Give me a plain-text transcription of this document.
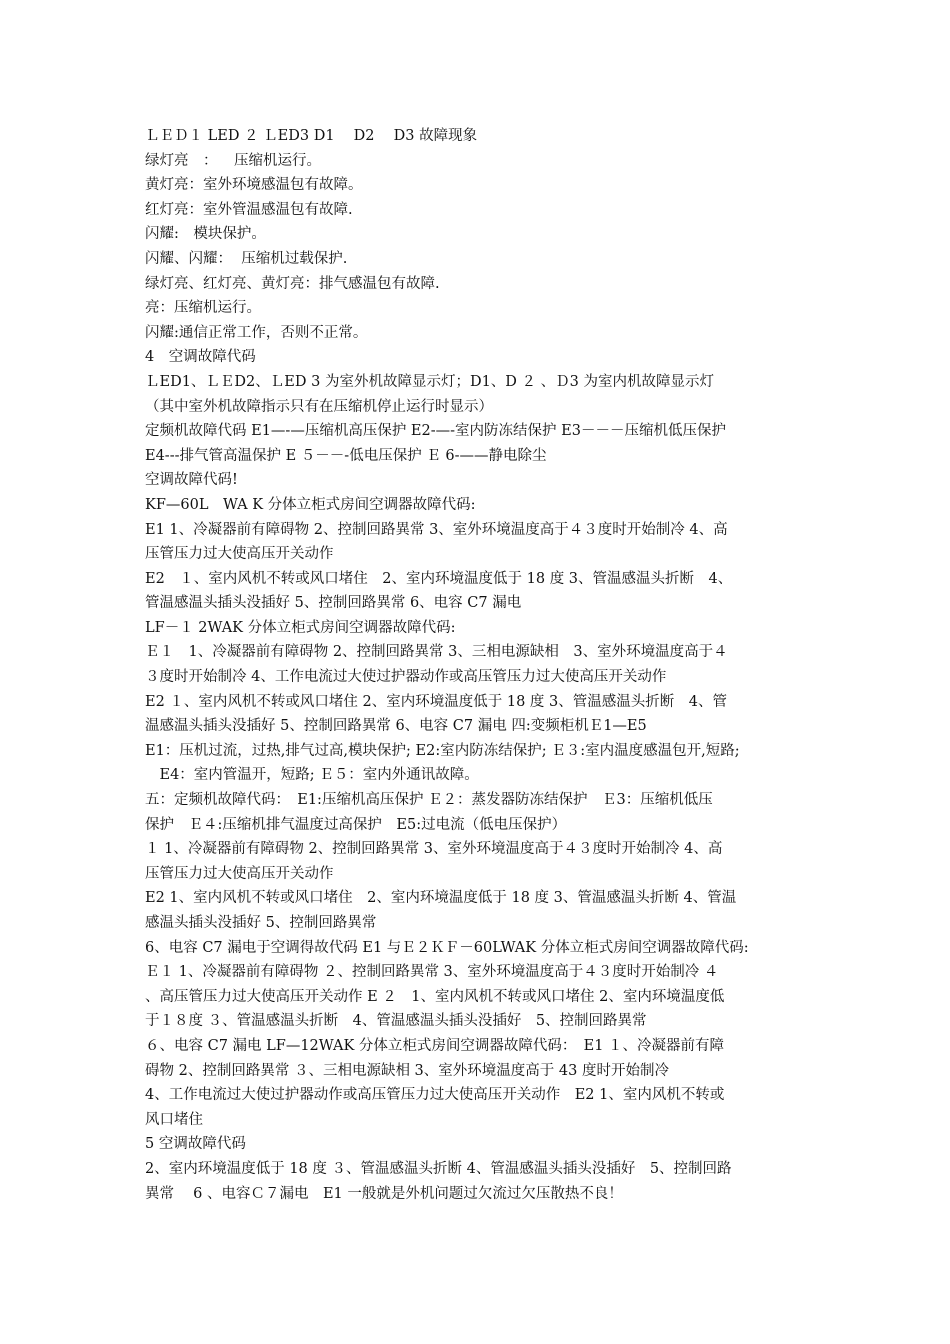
ＬＥＤ１ LED ２ ＬED3 D1　 D2　 D3 故障现象
绿灯亮　：　  压缩机运行。
黄灯亮：室外环境感温包有故障。
红灯亮：室外管温感温包有故障.
闪耀:　模块保护。
闪耀、闪耀：  压缩机过载保护.
绿灯亮、红灯亮、黄灯亮：排气感温包有故障.
亮：压缩机运行。
闪耀:通信正常工作，否则不正常。
4　空调故障代码
ＬED1、ＬＥD2、ＬED 3 为室外机故障显示灯；D1、D ２ 、Ｄ3 为室内机故障显示灯
（其中室外机故障指示只有在压缩机停止运行时显示）
定频机故障代码 E1—-—压缩机高压保护 E2-—-室内防冻结保护 E3－－－压缩机低压保护
E4---排气管高温保护 E ５－－-低电压保护 Ｅ 6-——静电除尘
空调故障代码!
KF—60L　WA K 分体立柜式房间空调器故障代码:
E1 1、冷凝器前有障碍物 2、控制回路異常 3、室外环境温度高于４３度时开始制冷 4、高
压管压力过大使高压开关动作
E2　１、室内风机不转或风口堵住　2、室内环境温度低于 18 度 3、管温感温头折断　4、
管温感温头插头没插好 5、控制回路異常 6、电容 C7 漏电
LF－１ 2WAK 分体立柜式房间空调器故障代码:
Ｅ１　1、冷凝器前有障碍物 2、控制回路異常 3、三相电源缺相　3、室外环境温度高于４
３度时开始制冷 4、工作电流过大使过护器动作或高压管压力过大使高压开关动作
E2 １、室内风机不转或风口堵住 2、室内环境温度低于 18 度 3、管温感温头折断　4、管
温感温头插头没插好 5、控制回路異常 6、电容 C7 漏电 四:变频柜机Ｅ1—E5
E1：压机过流，过热,排气过高,模块保护; E2:室内防冻结保护; Ｅ３:室内温度感温包开,短路;
　E4：室内管温开，短路; Ｅ５：室内外通讯故障。
五：定频机故障代码：　E1:压缩机高压保护 Ｅ２：蒸发器防冻结保护　Ｅ3：压缩机低压
保护　Ｅ４:压缩机排气温度过高保护　E5:过电流（低电压保护）
１ 1、冷凝器前有障碍物 2、控制回路異常 3、室外环境温度高于４３度时开始制冷 4、高
压管压力过大使高压开关动作
E2 1、室内风机不转或风口堵住　2、室内环境温度低于 18 度 3、管温感温头折断 4、管温
感温头插头没插好 5、控制回路異常
6、电容 C7 漏电于空调得故代码 E1 与Ｅ２ＫＦ－60LWAK 分体立柜式房间空调器故障代码:
Ｅ１ 1、冷凝器前有障碍物 ２、控制回路異常 3、室外环境温度高于４３度时开始制冷 ４
、高压管压力过大使高压开关动作 E ２　1、室内风机不转或风口堵住 2、室内环境温度低
于１８度 ３、管温感温头折断　4、管温感温头插头没插好　5、控制回路異常
６、电容 C7 漏电 LF—12WAK 分体立柜式房间空调器故障代码：　E1 １、冷凝器前有障
碍物 2、控制回路異常 ３、三相电源缺相 3、室外环境温度高于 43 度时开始制冷
4、工作电流过大使过护器动作或高压管压力过大使高压开关动作　E2 1、室内风机不转或
风口堵住
5 空调故障代码
2、室内环境温度低于 18 度 ３、管温感温头折断 4、管温感温头插头没插好　5、控制回路
異常　 6 、电容Ｃ７漏电　E1 一般就是外机问题过欠流过欠压散热不良！
